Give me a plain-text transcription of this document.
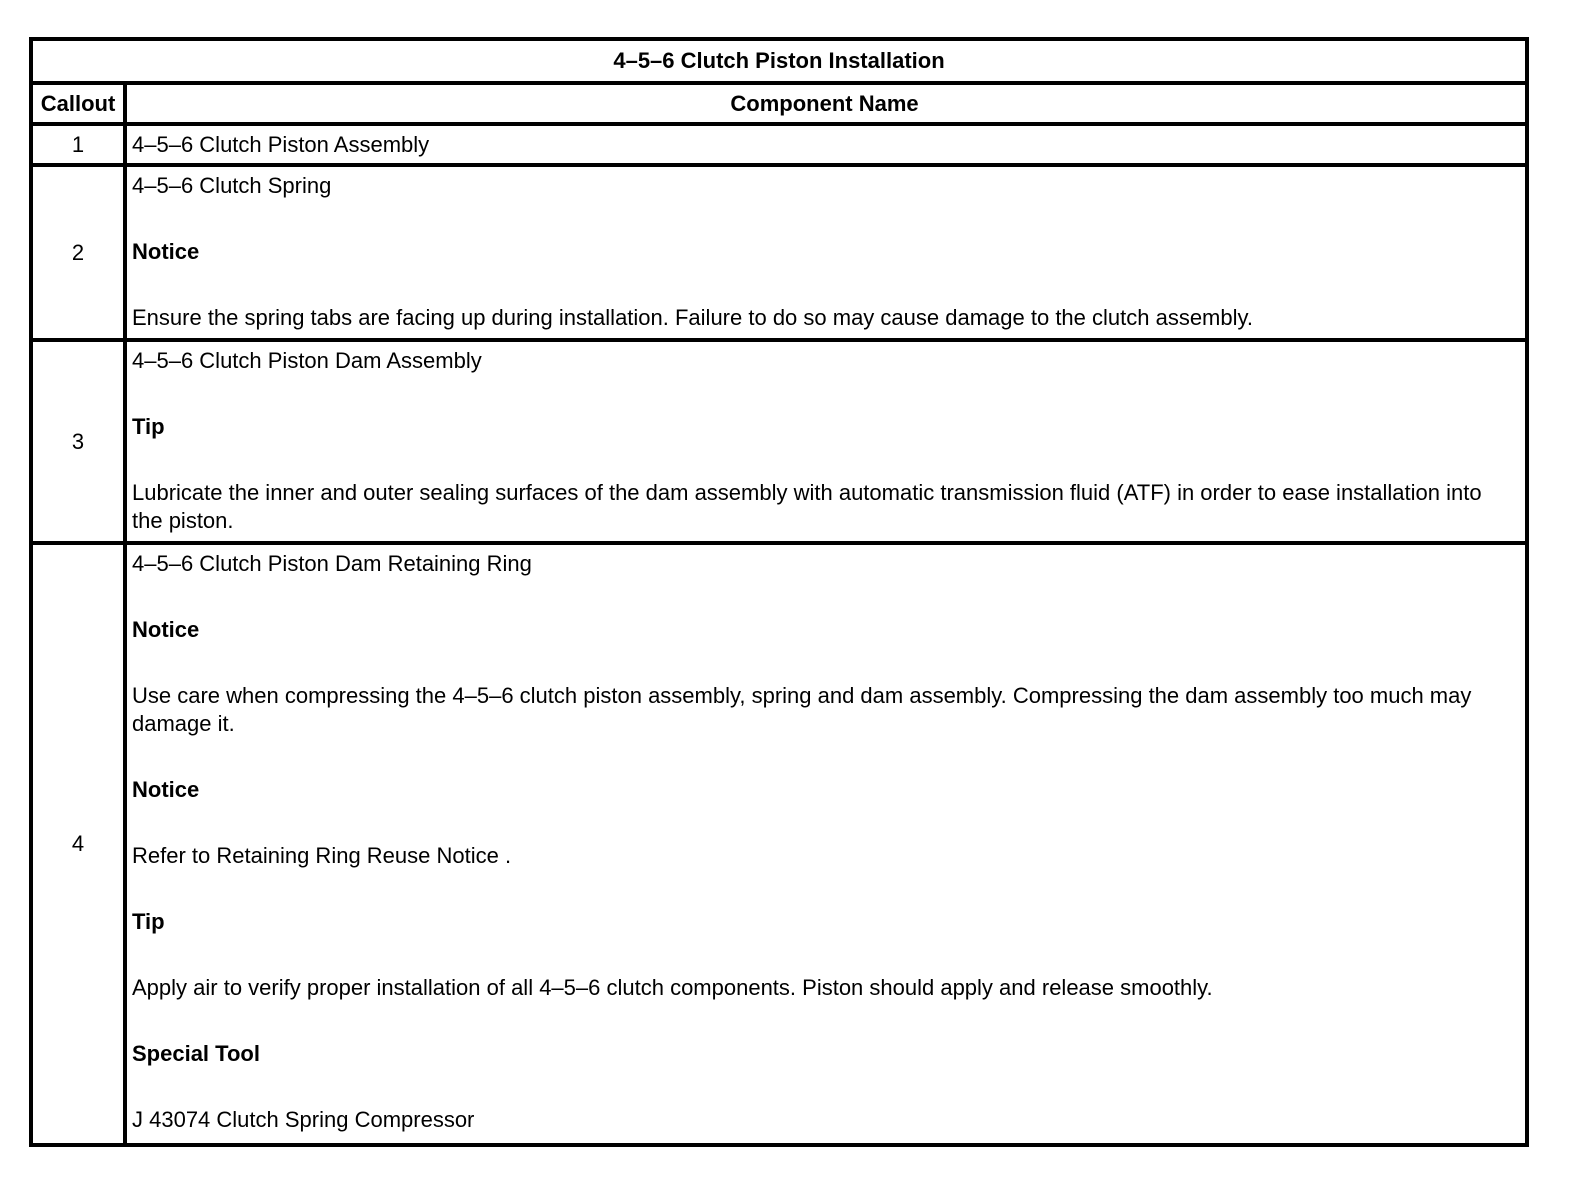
4–5–6 Clutch Piston Installation
Callout	Component Name
1	4–5–6 Clutch Piston Assembly
2

4–5–6 Clutch Spring

Notice

Ensure the spring tabs are facing up during installation. Failure to do so may cause damage to the clutch assembly.

3

4–5–6 Clutch Piston Dam Assembly

Tip

Lubricate the inner and outer sealing surfaces of the dam assembly with automatic transmission fluid (ATF) in order to ease installation into the piston.

4

4–5–6 Clutch Piston Dam Retaining Ring

Notice

Use care when compressing the 4–5–6 clutch piston assembly, spring and dam assembly. Compressing the dam assembly too much may damage it.

Notice

Refer to Retaining Ring Reuse Notice .

Tip

Apply air to verify proper installation of all 4–5–6 clutch components. Piston should apply and release smoothly.

Special Tool

J 43074 Clutch Spring Compressor
